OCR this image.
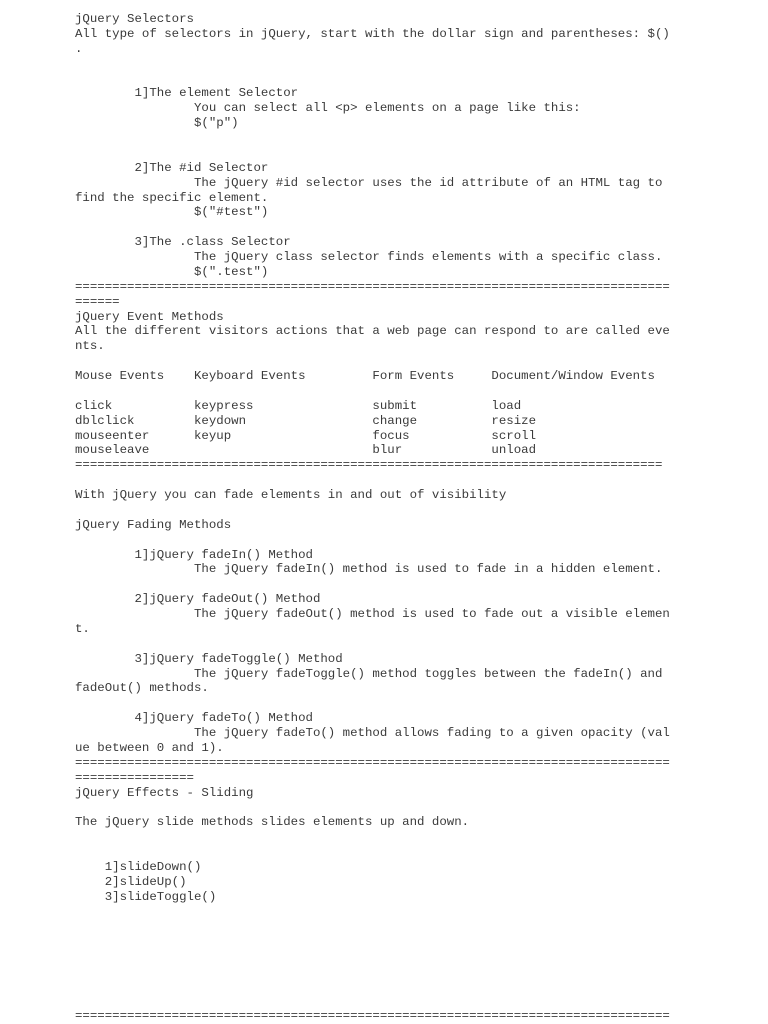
jQuery Selectors
All type of selectors in jQuery, start with the dollar sign and parentheses: $()
.
1]The element Selector
You can select all <p> elements on a page like this:
$("p")
2]The #id Selector
The jQuery #id selector uses the id attribute of an HTML tag to
find the specific element.
$("#test")
3]The .class Selector
The jQuery class selector finds elements with a specific class.
$(".test")
================================================================================
======
jQuery Event Methods
All the different visitors actions that a web page can respond to are called eve
nts.
Mouse Events    Keyboard Events         Form Events     Document/Window Events
click           keypress                submit          load
dblclick        keydown                 change          resize
mouseenter      keyup                   focus           scroll
mouseleave                              blur            unload
===============================================================================
With jQuery you can fade elements in and out of visibility
jQuery Fading Methods
1]jQuery fadeIn() Method
The jQuery fadeIn() method is used to fade in a hidden element.
2]jQuery fadeOut() Method
The jQuery fadeOut() method is used to fade out a visible elemen
t.
3]jQuery fadeToggle() Method
The jQuery fadeToggle() method toggles between the fadeIn() and
fadeOut() methods.
4]jQuery fadeTo() Method
The jQuery fadeTo() method allows fading to a given opacity (val
ue between 0 and 1).
================================================================================
================
jQuery Effects - Sliding
The jQuery slide methods slides elements up and down.
1]slideDown()
2]slideUp()
3]slideToggle()
================================================================================
